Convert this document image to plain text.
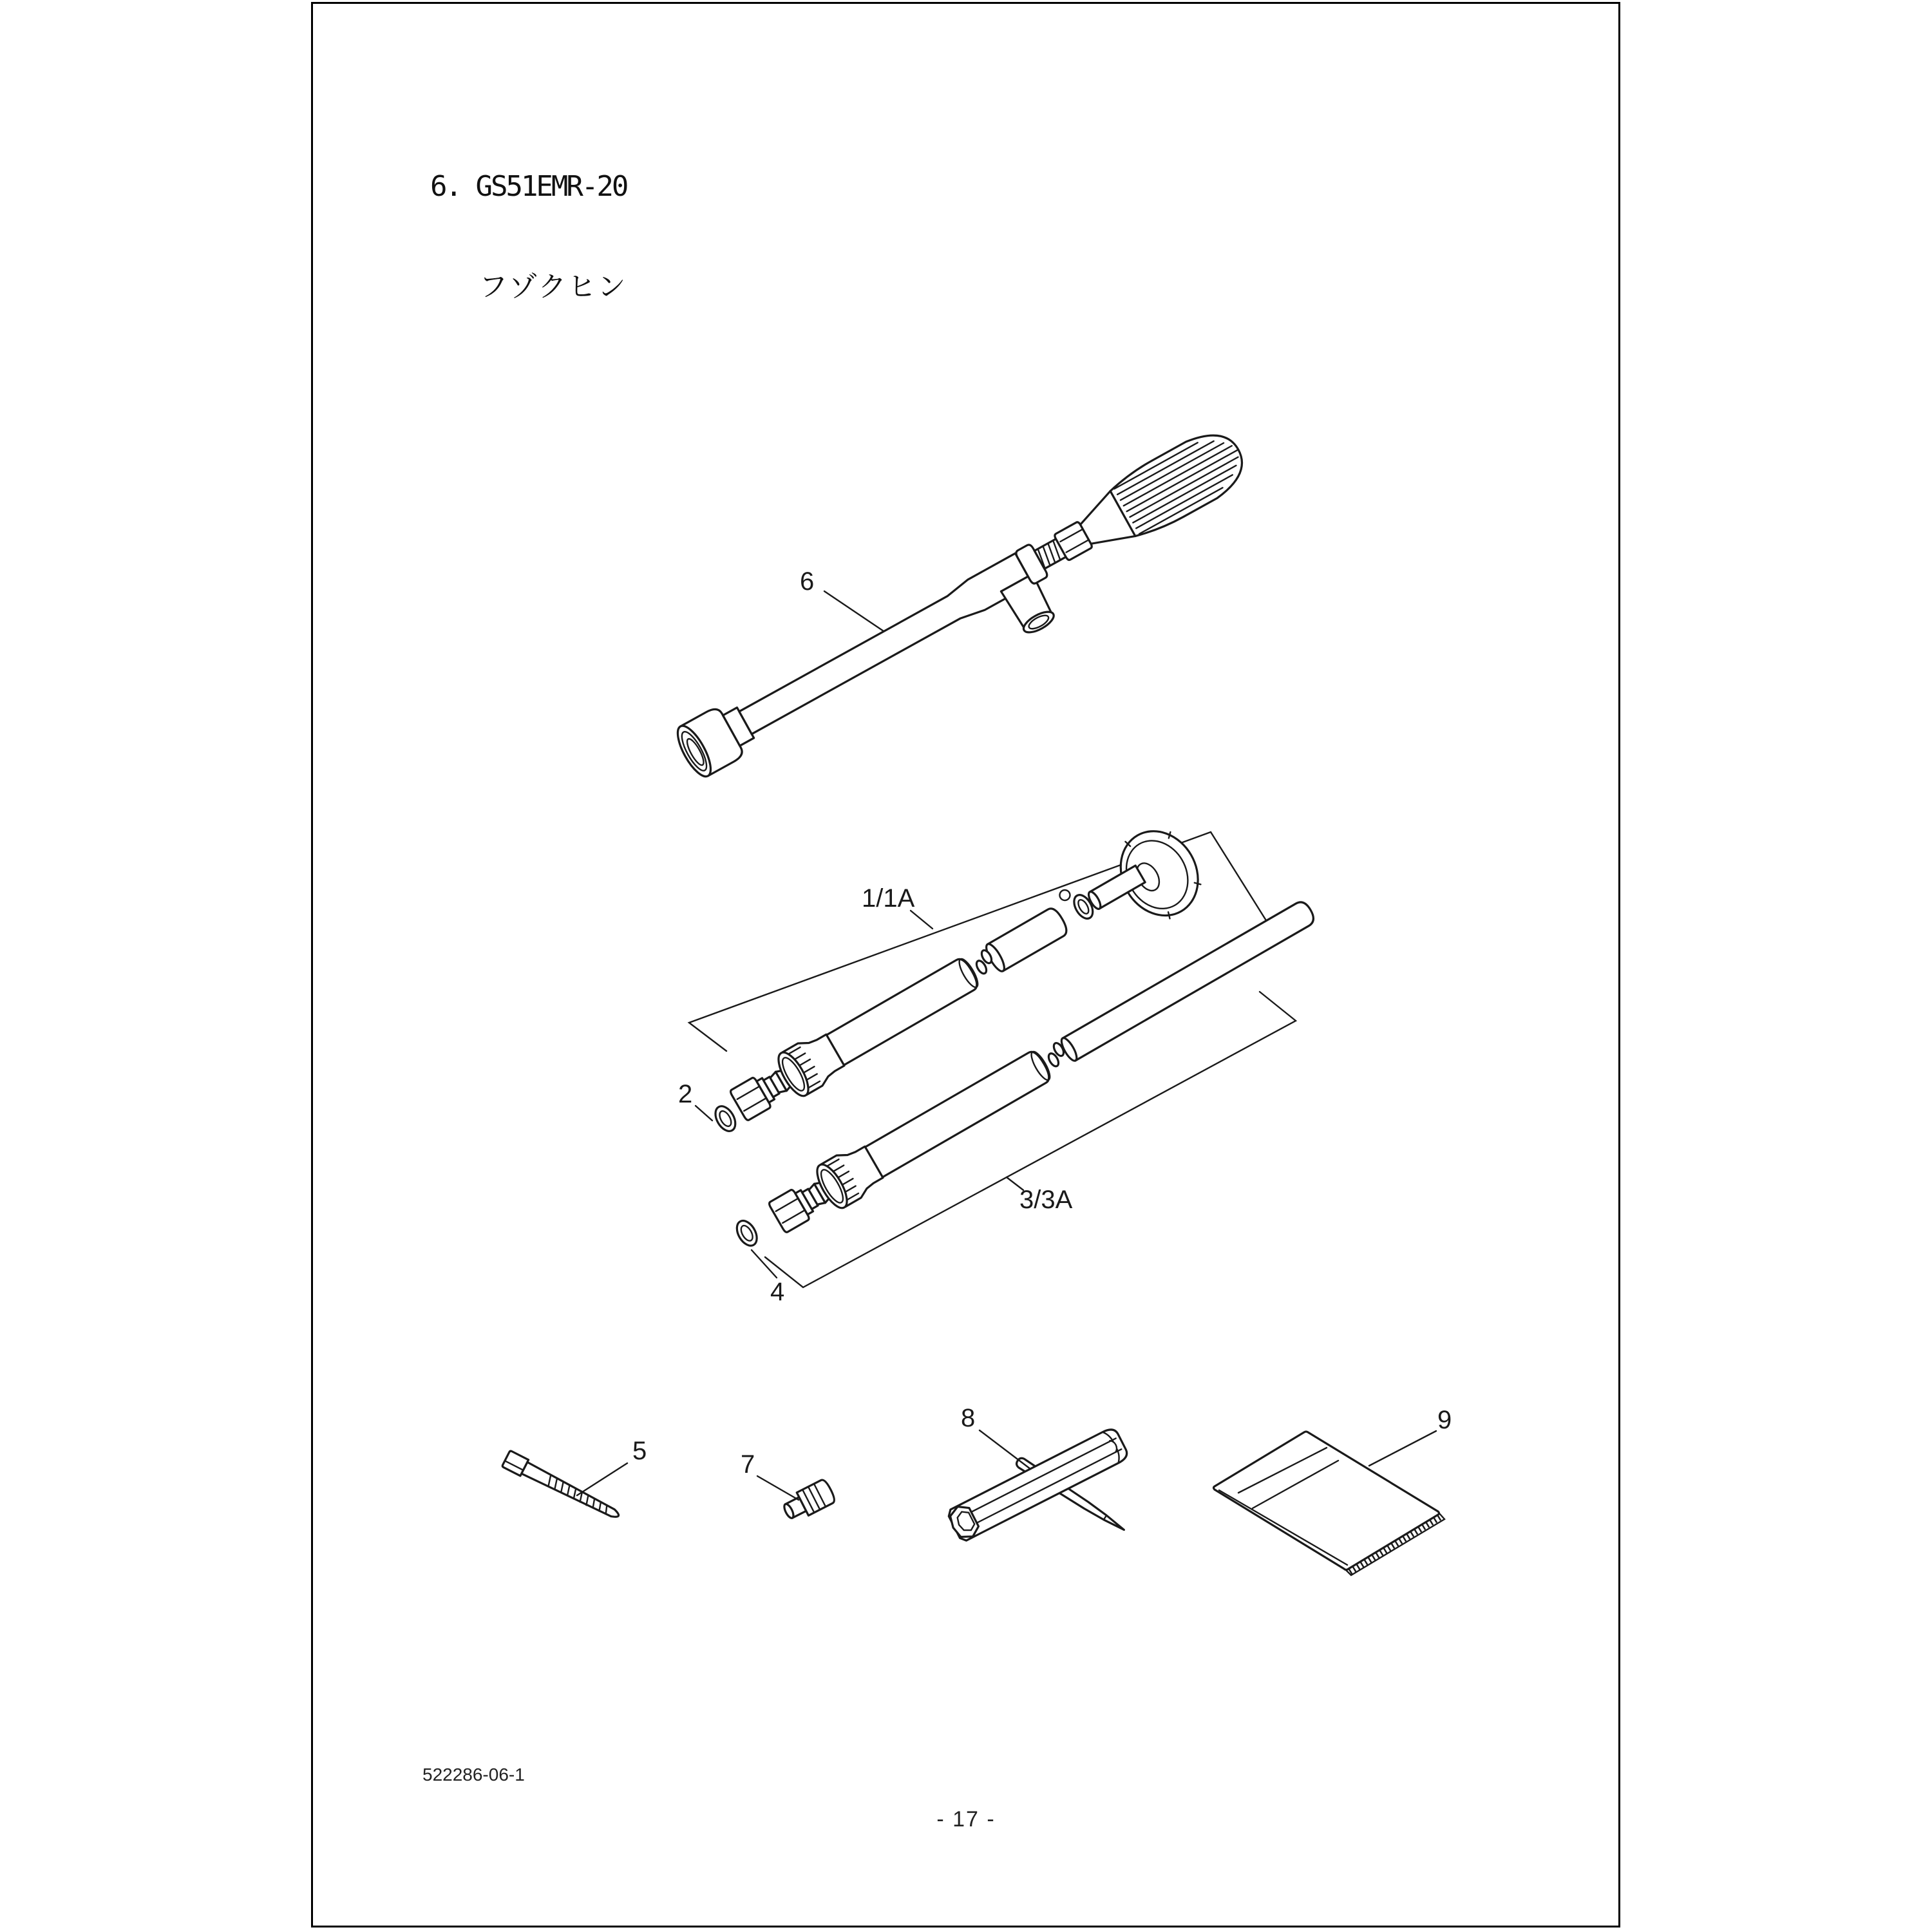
6. GS51EMR-20

フゾクヒン

6
1/1A
2
3/3A
4
5	7
8	9
522286-06-1
- 17 -
